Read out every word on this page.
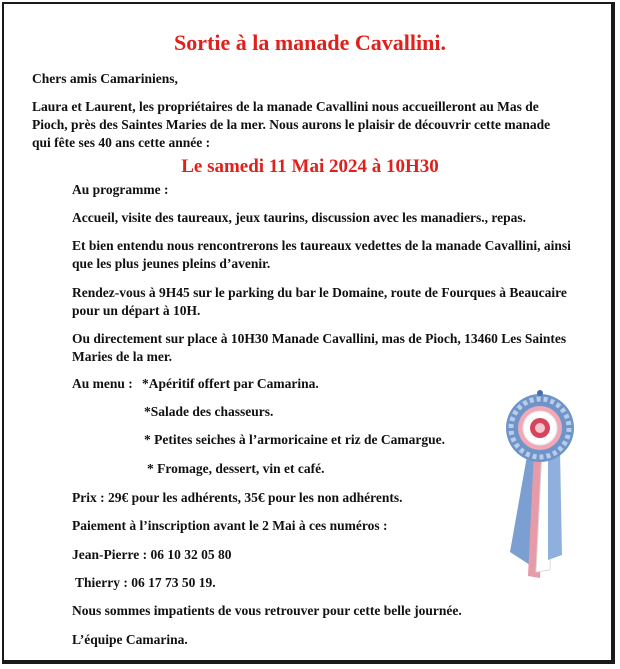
Sortie à la manade Cavallini.

Chers amis Camariniens,

Laura et Laurent, les propriétaires de la manade Cavallini nous accueilleront au Mas de Pioch, près des Saintes Maries de la mer. Nous aurons le plaisir de découvrir cette manade qui fête ses 40 ans cette année :

Le samedi 11 Mai 2024 à 10H30

Au programme :

Accueil, visite des taureaux, jeux taurins, discussion avec les manadiers., repas.

Et bien entendu nous rencontrerons les taureaux vedettes de la manade Cavallini, ainsi que les plus jeunes pleins d’avenir.

Rendez-vous à 9H45 sur le parking du bar le Domaine, route de Fourques à Beaucaire pour un départ à 10H.

Ou directement sur place à 10H30 Manade Cavallini, mas de Pioch, 13460 Les Saintes Maries de la mer.

Au menu : *Apéritif offert par Camarina.

*Salade des chasseurs.

* Petites seiches à l’armoricaine et riz de Camargue.

* Fromage, dessert, vin et café.

Prix : 29€ pour les adhérents, 35€ pour les non adhérents.

Paiement à l’inscription avant le 2 Mai à ces numéros :

Jean-Pierre : 06 10 32 05 80

Thierry : 06 17 73 50 19.

Nous sommes impatients de vous retrouver pour cette belle journée.

L’équipe Camarina.
